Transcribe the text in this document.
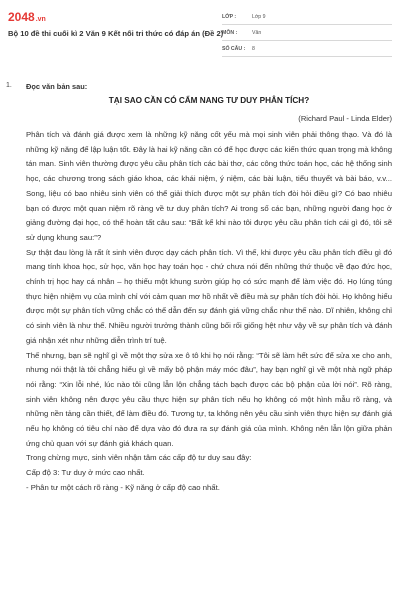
2048.vn
Bộ 10 đề thi cuối kì 2 Văn 9 Kết nối tri thức có đáp án (Đề 2)
LỚP :	Lớp 9
MÔN :	Văn
SỐ CÂU :	8
1. Đọc văn bản sau:
TẠI SAO CẦN CÓ CẨM NANG TƯ DUY PHÂN TÍCH?
(Richard Paul - Linda Elder)

Phân tích và đánh giá được xem là những kỹ năng cốt yếu mà mọi sinh viên phải thông thạo. Và đó là những kỹ năng để lập luận tốt. Đây là hai kỹ năng cần có để học được các kiến thức quan trọng mà không tán man. Sinh viên thường được yêu cầu phân tích các bài thơ, các công thức toán học, các hệ thống sinh học, các chương trong sách giáo khoa, các khái niệm, ý niệm, các bài luận, tiểu thuyết và bài báo, v.v... Song, liệu có bao nhiêu sinh viên có thể giải thích được một sự phân tích đòi hỏi điều gì? Có bao nhiêu bạn có được một quan niệm rõ ràng về tư duy phân tích? Ai trong số các bạn, những người đang học ở giảng đường đại học, có thể hoàn tất câu sau: “Bất kể khi nào tôi được yêu cầu phân tích cái gì đó, tôi sẽ sử dụng khung sau:”?

Sự thật đau lòng là rất ít sinh viên được dạy cách phân tích. Vì thế, khi được yêu cầu phân tích điều gì đó mang tính khoa học, sử học, văn học hay toán học - chứ chưa nói đến những thứ thuộc về đạo đức học, chính trị học hay cá nhân – họ thiếu một khung sườn giúp họ có sức mạnh để làm việc đó. Họ lúng túng thực hiện nhiệm vụ của mình chỉ với cảm quan mơ hồ nhất về điều mà sự phân tích đòi hỏi. Họ không hiểu được một sự phân tích vững chắc có thể dẫn đến sự đánh giá vững chắc như thế nào. Dĩ nhiên, không chỉ có sinh viên là như thế. Nhiều người trưởng thành cũng bối rối giống hệt như vậy về sự phân tích và đánh giá nhận xét như những diễn trình trí tuệ.

Thế nhưng, bạn sẽ nghĩ gì về một thợ sửa xe ô tô khi họ nói rằng: “Tôi sẽ làm hết sức để sửa xe cho anh, nhưng nói thật là tôi chẳng hiểu gì về mấy bộ phận máy móc đâu”, hay bạn nghĩ gì về một nhà ngữ pháp nói rằng: “Xin lỗi nhé, lúc nào tôi cũng lẫn lộn chẳng tách bạch được các bộ phận của lời nói”. Rõ ràng, sinh viên không nên được yêu cầu thực hiện sự phân tích nếu họ không có một hình mẫu rõ ràng, và những nền tảng cần thiết, để làm điều đó. Tương tự, ta không nên yêu cầu sinh viên thực hiện sự đánh giá nếu họ không có tiêu chí nào để dựa vào đó đưa ra sự đánh giá của mình. Không nên lẫn lộn giữa phản ứng chủ quan với sự đánh giá khách quan.

Trong chừng mực, sinh viên nhận tâm các cấp độ tư duy sau đây:

Cấp độ 3: Tư duy ở mức cao nhất.

- Phân tư một cách rõ ràng - Kỹ năng ở cấp độ cao nhất.
